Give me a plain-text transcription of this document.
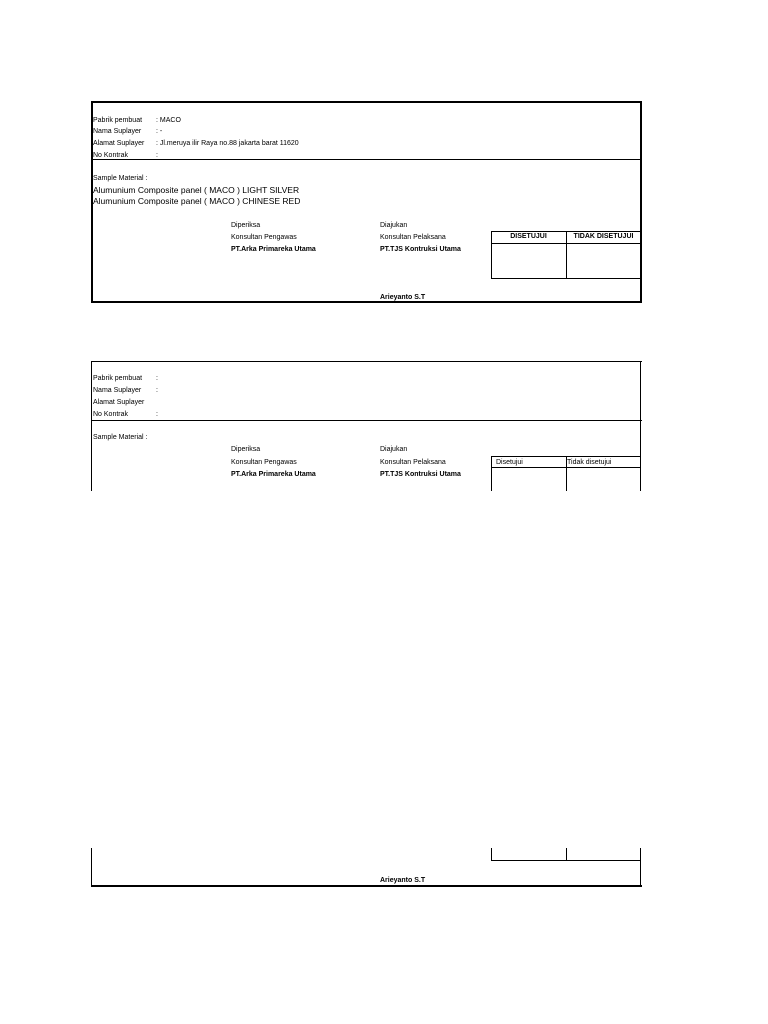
Pabrik pembuat : MACO
Nama Suplayer : -
Alamat Suplayer : Jl.meruya ilir Raya no.88 jakarta barat 11620
No Kontrak	:
Sample Material :
Alumunium Composite panel ( MACO ) LIGHT SILVER
Alumunium Composite panel ( MACO ) CHINESE RED
Diperiksa
Konsultan Pengawas
PT.Arka Primareka Utama
Diajukan
Konsultan Pelaksana
PT.TJS Kontruksi Utama
DISETUJUI	TIDAK DISETUJUI
Arieyanto S.T
Pabrik pembuat :
Nama Suplayer :
Alamat Suplayer
No Kontrak	:
Sample Material :
Diperiksa
Konsultan Pengawas
PT.Arka Primareka Utama
Diajukan
Konsultan Pelaksana
PT.TJS Kontruksi Utama
Disetujui	Tidak disetujui
Arieyanto S.T
